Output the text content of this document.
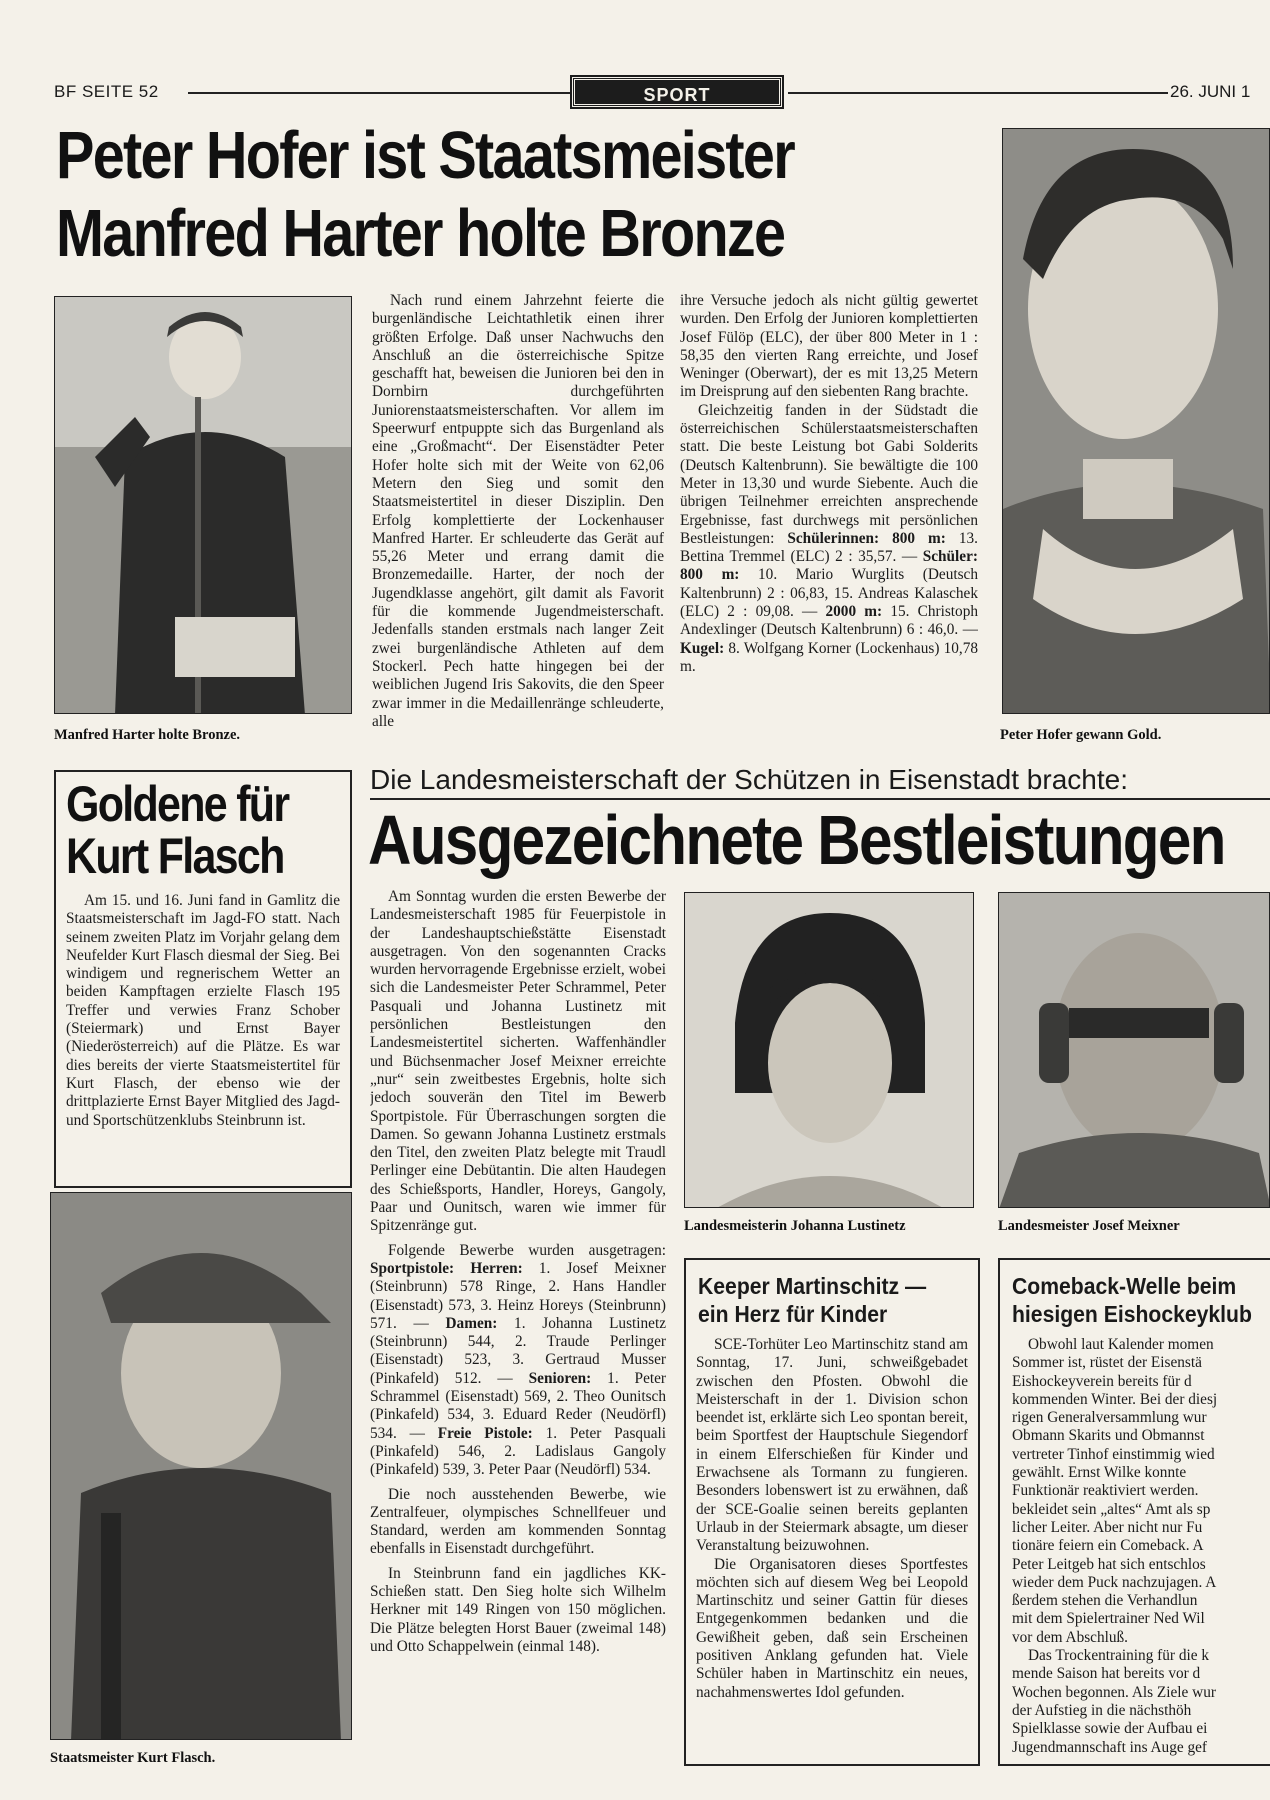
BF SEITE 52	SPORT	26. JUNI 1
Peter Hofer ist Staatsmeister
Manfred Harter holte Bronze
Manfred Harter holte Bronze.

Nach rund einem Jahrzehnt feierte die burgenländische Leichtathletik einen ihrer größten Erfolge. Daß unser Nachwuchs den Anschluß an die österreichische Spitze geschafft hat, beweisen die Junioren bei den in Dornbirn durchgeführten Juniorenstaatsmeisterschaften. Vor allem im Speerwurf entpuppte sich das Burgenland als eine „Großmacht“. Der Eisenstädter Peter Hofer holte sich mit der Weite von 62,06 Metern den Sieg und somit den Staatsmeistertitel in dieser Disziplin. Den Erfolg komplettierte der Lockenhauser Manfred Harter. Er schleuderte das Gerät auf 55,26 Meter und errang damit die Bronzemedaille. Harter, der noch der Jugendklasse angehört, gilt damit als Favorit für die kommende Jugendmeisterschaft. Jedenfalls standen erstmals nach langer Zeit zwei burgenländische Athleten auf dem Stockerl. Pech hatte hingegen bei der weiblichen Jugend Iris Sakovits, die den Speer zwar immer in die Medaillenränge schleuderte, alle

ihre Versuche jedoch als nicht gültig gewertet wurden. Den Erfolg der Junioren komplettierten Josef Fülöp (ELC), der über 800 Meter in 1 : 58,35 den vierten Rang erreichte, und Josef Weninger (Oberwart), der es mit 13,25 Metern im Dreisprung auf den siebenten Rang brachte.

Gleichzeitig fanden in der Südstadt die österreichischen Schülerstaatsmeisterschaften statt. Die beste Leistung bot Gabi Solderits (Deutsch Kaltenbrunn). Sie bewältigte die 100 Meter in 13,30 und wurde Siebente. Auch die übrigen Teilnehmer erreichten ansprechende Ergebnisse, fast durchwegs mit persönlichen Bestleistungen: Schülerinnen: 800 m: 13. Bettina Tremmel (ELC) 2 : 35,57. — Schüler: 800 m: 10. Mario Wurglits (Deutsch Kaltenbrunn) 2 : 06,83, 15. Andreas Kalaschek (ELC) 2 : 09,08. — 2000 m: 15. Christoph Andexlinger (Deutsch Kaltenbrunn) 6 : 46,0. — Kugel: 8. Wolfgang Korner (Lockenhaus) 10,78 m.

Peter Hofer gewann Gold.
Goldene für
Kurt Flasch

Am 15. und 16. Juni fand in Gamlitz die Staatsmeisterschaft im Jagd-FO statt. Nach seinem zweiten Platz im Vorjahr gelang dem Neufelder Kurt Flasch diesmal der Sieg. Bei windigem und regnerischem Wetter an beiden Kampftagen erzielte Flasch 195 Treffer und verwies Franz Schober (Steiermark) und Ernst Bayer (Niederösterreich) auf die Plätze. Es war dies bereits der vierte Staatsmeistertitel für Kurt Flasch, der ebenso wie der drittplazierte Ernst Bayer Mitglied des Jagd- und Sportschützenklubs Steinbrunn ist.

Staatsmeister Kurt Flasch.
Die Landesmeisterschaft der Schützen in Eisenstadt brachte:
Ausgezeichnete Bestleistungen

Am Sonntag wurden die ersten Bewerbe der Landesmeisterschaft 1985 für Feuerpistole in der Landeshauptschießstätte Eisenstadt ausgetragen. Von den sogenannten Cracks wurden hervorragende Ergebnisse erzielt, wobei sich die Landesmeister Peter Schrammel, Peter Pasquali und Johanna Lustinetz mit persönlichen Bestleistungen den Landesmeistertitel sicherten. Waffenhändler und Büchsenmacher Josef Meixner erreichte „nur“ sein zweitbestes Ergebnis, holte sich jedoch souverän den Titel im Bewerb Sportpistole. Für Überraschungen sorgten die Damen. So gewann Johanna Lustinetz erstmals den Titel, den zweiten Platz belegte mit Traudl Perlinger eine Debütantin. Die alten Haudegen des Schießsports, Handler, Horeys, Gangoly, Paar und Ounitsch, waren wie immer für Spitzenränge gut.

Folgende Bewerbe wurden ausgetragen: Sportpistole: Herren: 1. Josef Meixner (Steinbrunn) 578 Ringe, 2. Hans Handler (Eisenstadt) 573, 3. Heinz Horeys (Steinbrunn) 571. — Damen: 1. Johanna Lustinetz (Steinbrunn) 544, 2. Traude Perlinger (Eisenstadt) 523, 3. Gertraud Musser (Pinkafeld) 512. — Senioren: 1. Peter Schrammel (Eisenstadt) 569, 2. Theo Ounitsch (Pinkafeld) 534, 3. Eduard Reder (Neudörfl) 534. — Freie Pistole: 1. Peter Pasquali (Pinkafeld) 546, 2. Ladislaus Gangoly (Pinkafeld) 539, 3. Peter Paar (Neudörfl) 534.

Die noch ausstehenden Bewerbe, wie Zentralfeuer, olympisches Schnellfeuer und Standard, werden am kommenden Sonntag ebenfalls in Eisenstadt durchgeführt.

In Steinbrunn fand ein jagdliches KK-Schießen statt. Den Sieg holte sich Wilhelm Herkner mit 149 Ringen von 150 möglichen. Die Plätze belegten Horst Bauer (zweimal 148) und Otto Schappelwein (einmal 148).

Landesmeisterin Johanna Lustinetz	Landesmeister Josef Meixner
Keeper Martinschitz —
ein Herz für Kinder

SCE-Torhüter Leo Martinschitz stand am Sonntag, 17. Juni, schweißgebadet zwischen den Pfosten. Obwohl die Meisterschaft in der 1. Division schon beendet ist, erklärte sich Leo spontan bereit, beim Sportfest der Hauptschule Siegendorf in einem Elferschießen für Kinder und Erwachsene als Tormann zu fungieren. Besonders lobenswert ist zu erwähnen, daß der SCE-Goalie seinen bereits geplanten Urlaub in der Steiermark absagte, um dieser Veranstaltung beizuwohnen.

Die Organisatoren dieses Sportfestes möchten sich auf diesem Weg bei Leopold Martinschitz und seiner Gattin für dieses Entgegenkommen bedanken und die Gewißheit geben, daß sein Erscheinen positiven Anklang gefunden hat. Viele Schüler haben in Martinschitz ein neues, nachahmenswertes Idol gefunden.

Comeback-Welle beim
hiesigen Eishockeyklub
Obwohl laut Kalender momen
Sommer ist, rüstet der Eisenstä
Eishockeyverein bereits für d
kommenden Winter. Bei der diesj
rigen Generalversammlung wur
Obmann Skarits und Obmannst
vertreter Tinhof einstimmig wied
gewählt. Ernst Wilke konnte
Funktionär reaktiviert werden.
bekleidet sein „altes“ Amt als sp
licher Leiter. Aber nicht nur Fu
tionäre feiern ein Comeback. A
Peter Leitgeb hat sich entschlos
wieder dem Puck nachzujagen. A
ßerdem stehen die Verhandlun
mit dem Spielertrainer Ned Wil
vor dem Abschluß.
Das Trockentraining für die k
mende Saison hat bereits vor d
Wochen begonnen. Als Ziele wur
der Aufstieg in die nächsthöh
Spielklasse sowie der Aufbau ei
Jugendmannschaft ins Auge gef
